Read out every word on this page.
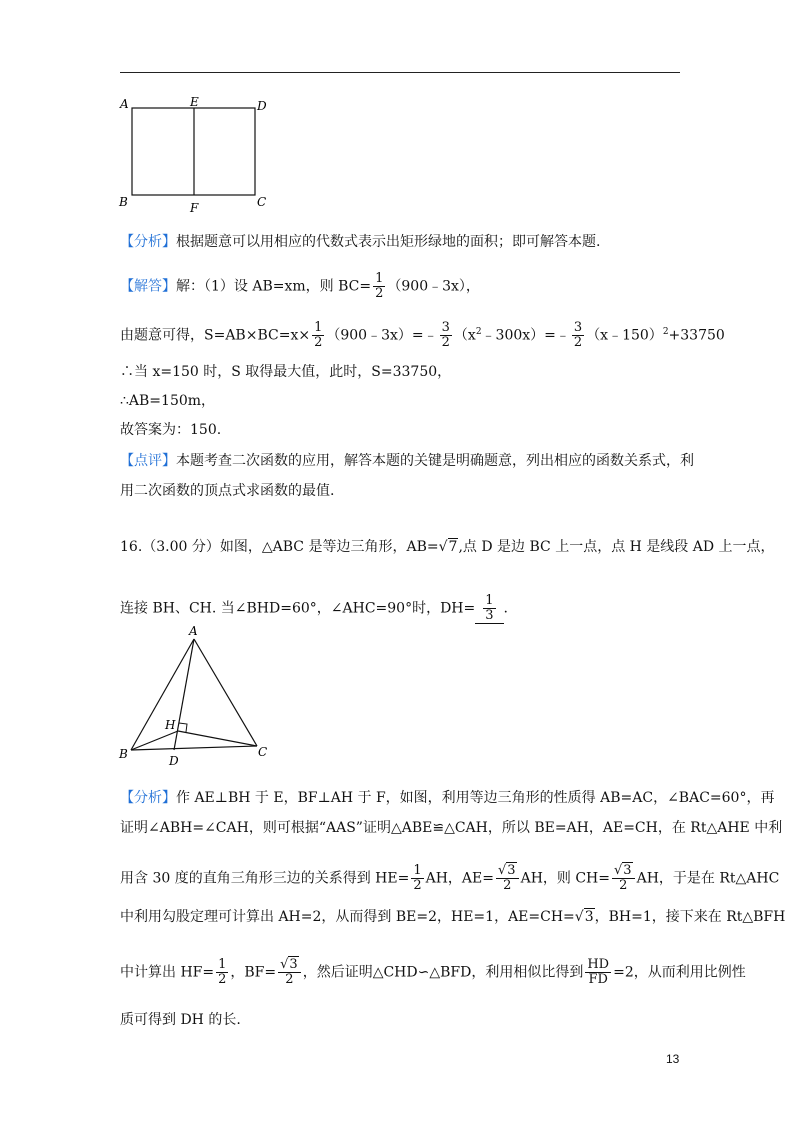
A	E	D
B	F	C
【分析】根据题意可以用相应的代数式表示出矩形绿地的面积；即可解答本题.
【解答】解：（1）设 AB=xm，则 $BC= \frac{1}{2}$ （900﹣3x），
由题意可得，$S=AB\times BC=x\times \frac{1}{2}$ （900﹣3x）=﹣ $\frac{3}{2}$ $(x^2﹣300x)=﹣ \frac{3}{2}$ （x﹣150）$^2$+33750
∴当 x=150 时，S 取得最大值，此时，S=33750，
∴AB=150m，
故答案为：150.
【点评】本题考查二次函数的应用，解答本题的关键是明确题意，列出相应的函数关系式，利
用二次函数的顶点式求函数的最值.
16.（3.00 分）如图，△ABC 是等边三角形，AB=√7,点 D 是边 BC 上一点，点 H 是线段 AD 上一点，
连接 BH、CH. 当∠BHD=60°，∠AHC=90°时，$DH= \frac{1}{3}$ .
A
H
B	D
C
【分析】作 AE⊥BH 于 E，BF⊥AH 于 F，如图，利用等边三角形的性质得 AB=AC，∠BAC=60°，再
证明∠ABH=∠CAH，则可根据“AAS”证明△ABE≌△CAH，所以 BE=AH，AE=CH，在 Rt△AHE 中利
用含 30 度的直角三角形三边的关系得到 $HE= \frac{1}{2}$ AH，$AE= \frac{√3}{2}$ AH，则 $CH= \frac{√3}{2}$ AH，于是在 Rt△AHC
中利用勾股定理可计算出 AH=2，从而得到 BE=2，HE=1，AE=CH=√3，BH=1，接下来在 Rt△BFH
中计算出 $HF= \frac{1}{2}$ ，$BF= \frac{√3}{2}$ ，然后证明△CHD∽△BFD，利用相似比得到 $\frac{HD}{FD} =2$，从而利用比例性
质可得到 DH 的长.
13
